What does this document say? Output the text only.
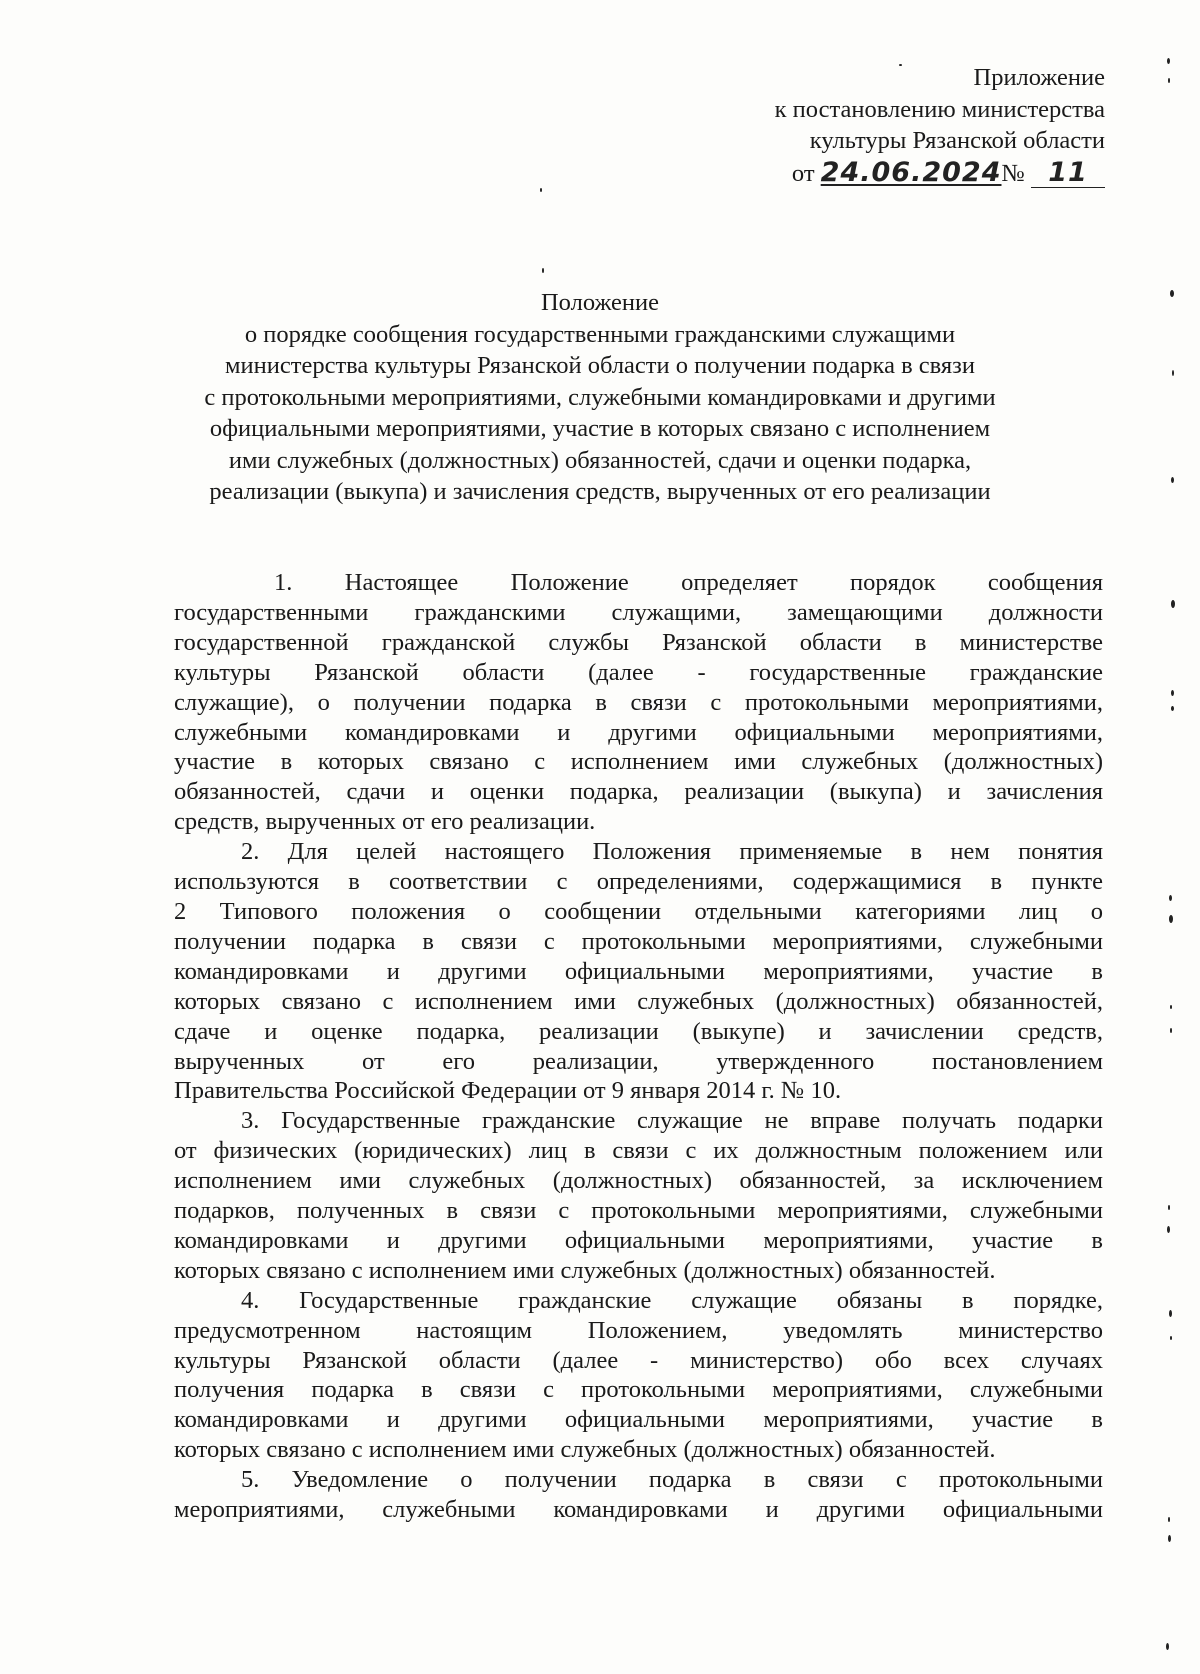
Приложение
к постановлению министерства
культуры Рязанской области
от 24.06.2024№ 11
Положение
о порядке сообщения государственными гражданскими служащими
министерства культуры Рязанской области о получении подарка в связи
с протокольными мероприятиями, служебными командировками и другими
официальными мероприятиями, участие в которых связано с исполнением
ими служебных (должностных) обязанностей, сдачи и оценки подарка,
реализации (выкупа) и зачисления средств, вырученных от его реализации

1. Настоящее Положение определяет порядок сообщения

государственными гражданскими служащими, замещающими должности

государственной гражданской службы Рязанской области в министерстве

культуры Рязанской области (далее - государственные гражданские

служащие), о получении подарка в связи с протокольными мероприятиями,

служебными командировками и другими официальными мероприятиями,

участие в которых связано с исполнением ими служебных (должностных)

обязанностей, сдачи и оценки подарка, реализации (выкупа) и зачисления

средств, вырученных от его реализации.

2. Для целей настоящего Положения применяемые в нем понятия

используются в соответствии с определениями, содержащимися в пункте

2 Типового положения о сообщении отдельными категориями лиц о

получении подарка в связи с протокольными мероприятиями, служебными

командировками и другими официальными мероприятиями, участие в

которых связано с исполнением ими служебных (должностных) обязанностей,

сдаче и оценке подарка, реализации (выкупе) и зачислении средств,

вырученных от его реализации, утвержденного постановлением

Правительства Российской Федерации от 9 января 2014 г. № 10.

3. Государственные гражданские служащие не вправе получать подарки

от физических (юридических) лиц в связи с их должностным положением или

исполнением ими служебных (должностных) обязанностей, за исключением

подарков, полученных в связи с протокольными мероприятиями, служебными

командировками и другими официальными мероприятиями, участие в

которых связано с исполнением ими служебных (должностных) обязанностей.

4. Государственные гражданские служащие обязаны в порядке,

предусмотренном настоящим Положением, уведомлять министерство

культуры Рязанской области (далее - министерство) обо всех случаях

получения подарка в связи с протокольными мероприятиями, служебными

командировками и другими официальными мероприятиями, участие в

которых связано с исполнением ими служебных (должностных) обязанностей.

5. Уведомление о получении подарка в связи с протокольными

мероприятиями, служебными командировками и другими официальными
